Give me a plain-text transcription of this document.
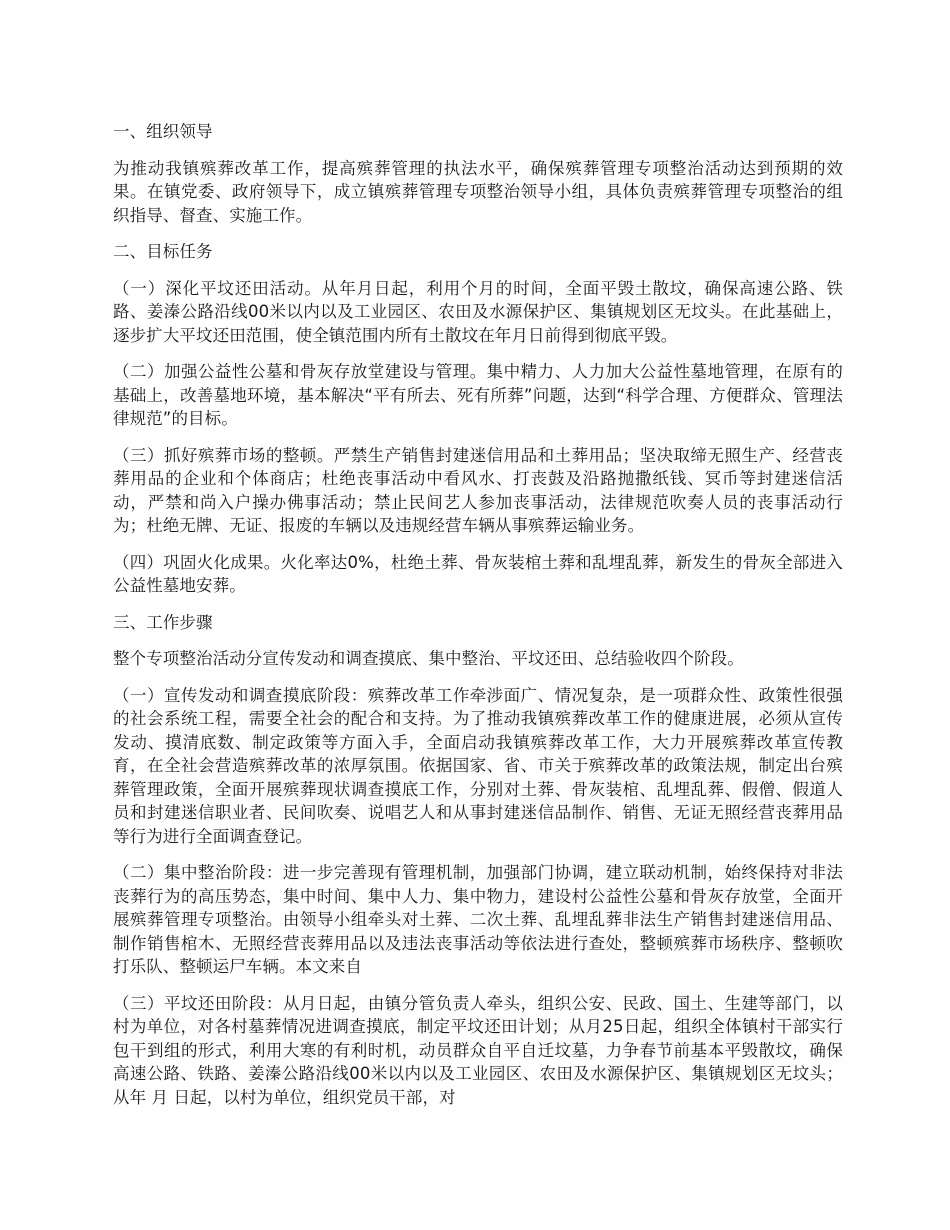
一、组织领导

为推动我镇殡葬改革工作，提高殡葬管理的执法水平，确保殡葬管理专项整治活动达到预期的效果。在镇党委、政府领导下，成立镇殡葬管理专项整治领导小组，具体负责殡葬管理专项整治的组织指导、督查、实施工作。

二、目标任务

（一）深化平坟还田活动。从年月日起，利用个月的时间，全面平毁土散坟，确保高速公路、铁路、姜溱公路沿线00米以内以及工业园区、农田及水源保护区、集镇规划区无坟头。在此基础上，逐步扩大平坟还田范围，使全镇范围内所有土散坟在年月日前得到彻底平毁。

（二）加强公益性公墓和骨灰存放堂建设与管理。集中精力、人力加大公益性墓地管理，在原有的基础上，改善墓地环境，基本解决“平有所去、死有所葬”问题，达到“科学合理、方便群众、管理法律规范”的目标。

（三）抓好殡葬市场的整顿。严禁生产销售封建迷信用品和土葬用品；坚决取缔无照生产、经营丧葬用品的企业和个体商店；杜绝丧事活动中看风水、打丧鼓及沿路抛撒纸钱、冥币等封建迷信活动，严禁和尚入户操办佛事活动；禁止民间艺人参加丧事活动，法律规范吹奏人员的丧事活动行为；杜绝无牌、无证、报废的车辆以及违规经营车辆从事殡葬运输业务。

（四）巩固火化成果。火化率达0%，杜绝土葬、骨灰装棺土葬和乱埋乱葬，新发生的骨灰全部进入公益性墓地安葬。

三、工作步骤

整个专项整治活动分宣传发动和调查摸底、集中整治、平坟还田、总结验收四个阶段。

（一）宣传发动和调查摸底阶段：殡葬改革工作牵涉面广、情况复杂，是一项群众性、政策性很强的社会系统工程，需要全社会的配合和支持。为了推动我镇殡葬改革工作的健康进展，必须从宣传发动、摸清底数、制定政策等方面入手，全面启动我镇殡葬改革工作，大力开展殡葬改革宣传教育，在全社会营造殡葬改革的浓厚氛围。依据国家、省、市关于殡葬改革的政策法规，制定出台殡葬管理政策，全面开展殡葬现状调查摸底工作，分别对土葬、骨灰装棺、乱埋乱葬、假僧、假道人员和封建迷信职业者、民间吹奏、说唱艺人和从事封建迷信品制作、销售、无证无照经营丧葬用品等行为进行全面调查登记。

（二）集中整治阶段：进一步完善现有管理机制，加强部门协调，建立联动机制，始终保持对非法丧葬行为的高压势态，集中时间、集中人力、集中物力，建设村公益性公墓和骨灰存放堂，全面开展殡葬管理专项整治。由领导小组牵头对土葬、二次土葬、乱埋乱葬非法生产销售封建迷信用品、制作销售棺木、无照经营丧葬用品以及违法丧事活动等依法进行查处，整顿殡葬市场秩序、整顿吹打乐队、整顿运尸车辆。本文来自

（三）平坟还田阶段：从月日起，由镇分管负责人牵头，组织公安、民政、国土、生建等部门，以村为单位，对各村墓葬情况进调查摸底，制定平坟还田计划；从月25日起，组织全体镇村干部实行包干到组的形式，利用大寒的有利时机，动员群众自平自迁坟墓，力争春节前基本平毁散坟，确保高速公路、铁路、姜溱公路沿线00米以内以及工业园区、农田及水源保护区、集镇规划区无坟头；从年 月 日起，以村为单位，组织党员干部，对
